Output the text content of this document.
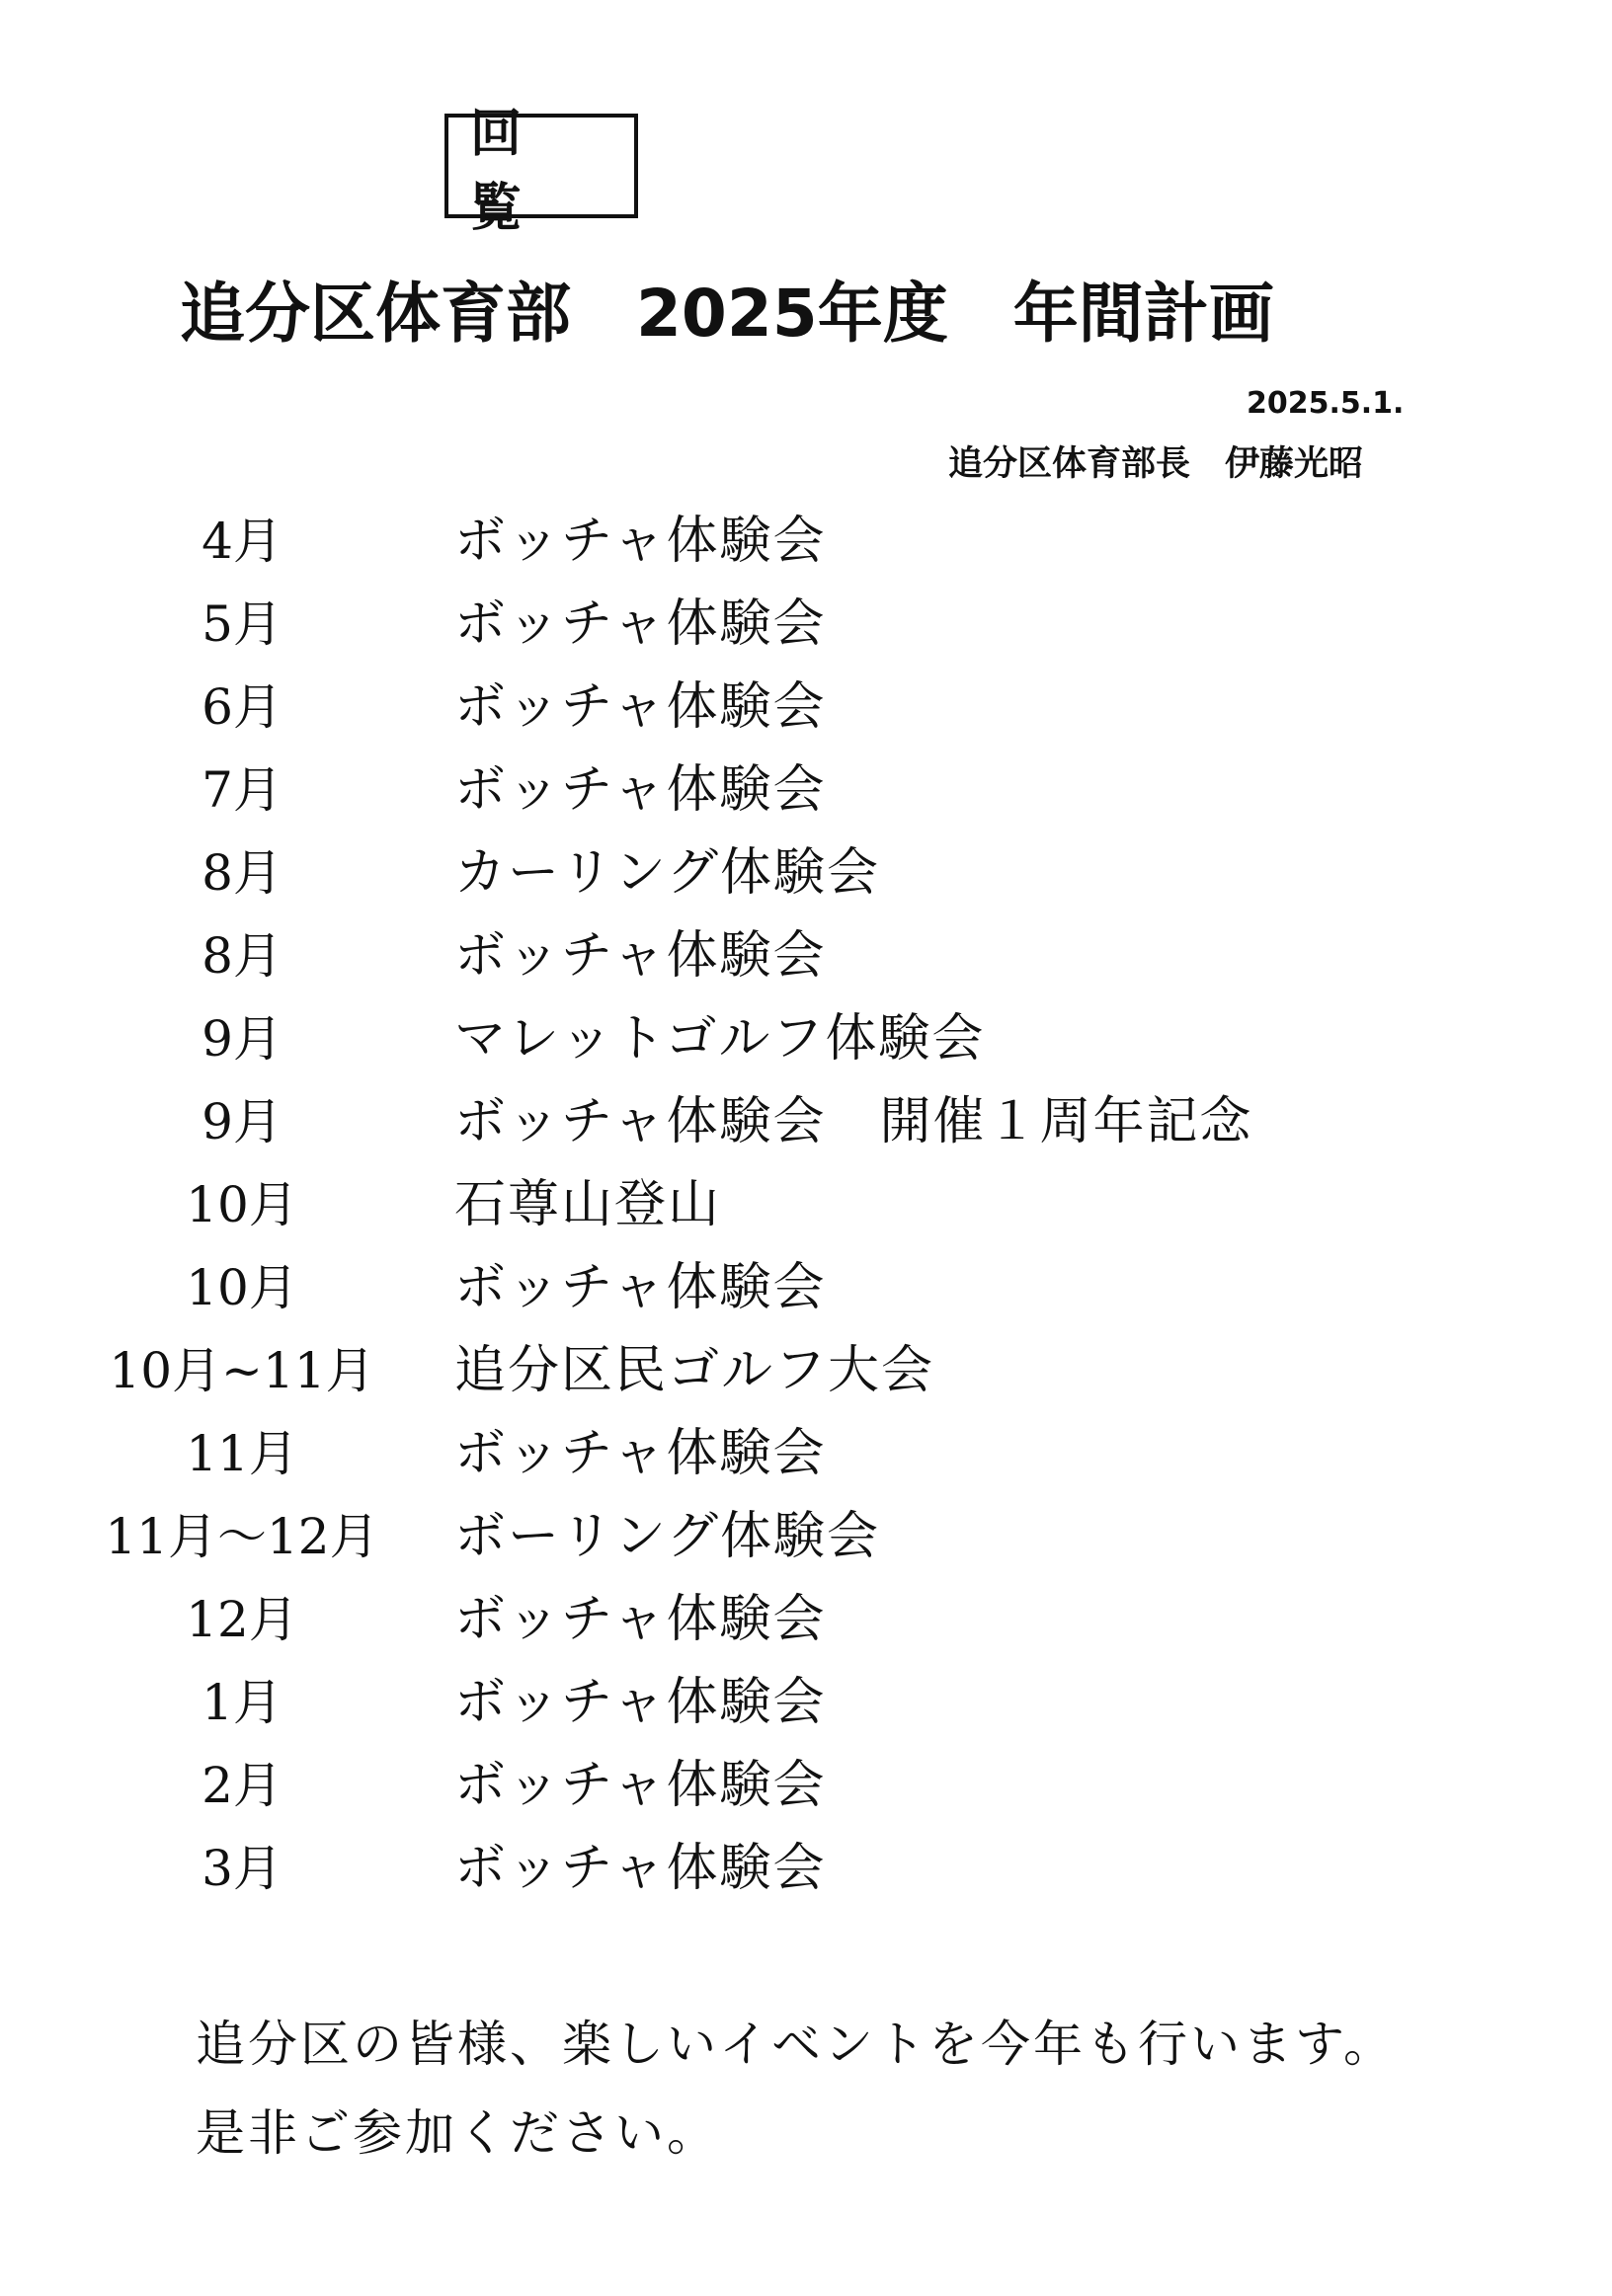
回 覧
追分区体育部　2025年度　年間計画
2025.5.1.
追分区体育部長　伊藤光昭
4月	ボッチャ体験会
5月	ボッチャ体験会
6月	ボッチャ体験会
7月	ボッチャ体験会
8月	カーリング体験会
8月	ボッチャ体験会
9月	マレットゴルフ体験会
9月	ボッチャ体験会　開催１周年記念
10月	石尊山登山
10月	ボッチャ体験会
10月~11月	追分区民ゴルフ大会
11月	ボッチャ体験会
11月～12月	ボーリング体験会
12月	ボッチャ体験会
1月	ボッチャ体験会
2月	ボッチャ体験会
3月	ボッチャ体験会
追分区の皆様、楽しいイベントを今年も行います。
是非ご参加ください。
